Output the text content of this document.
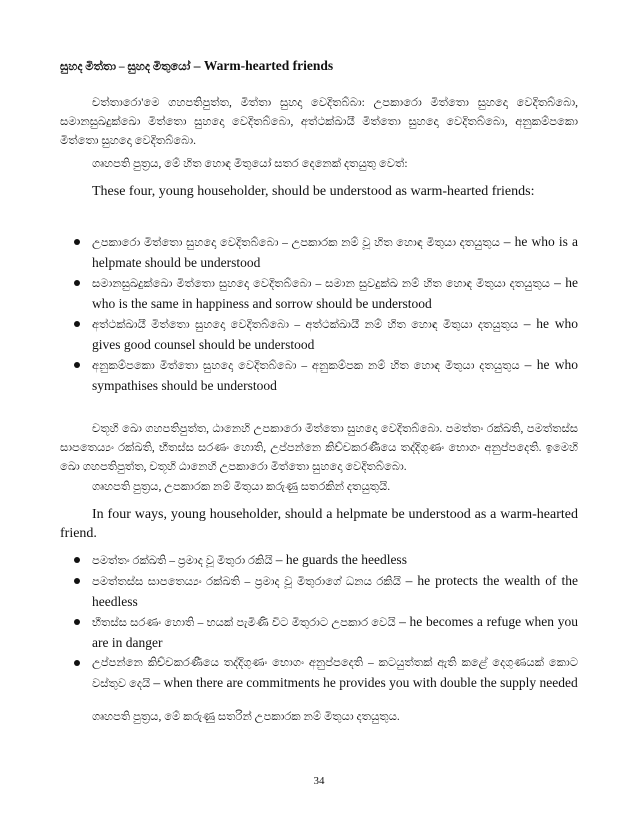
සුහද මිත්තා – සුහද මිතුයෝ – Warm-hearted friends
චත්තාරො'මෙ ගහපතිපුත්ත, මිත්තා සුහදා වෙදිතබ්බා: උපකාරො මිත්තො සුහදො වෙදිතබ්බො, සමානසුඛදුක්ඛො මිත්තො සුහදො වෙදිතබ්බො, අත්ථක්ඛායී මිත්තො සුහදො වෙදිතබ්බො, අනුකම්පකො මිත්තො සුහදො වෙදිතබ්බො.
ගෘහපති පුත්‍රය, මේ හිත හොඳ මිතුයෝ සතර දෙනෙක් දතයුතු වෙත්:
These four, young householder, should be understood as warm-hearted friends:
උපකාරො මිත්තො සුහදො වෙදිතබ්බො – උපකාරක නම් වූ හිත හොඳ මිතුයා දතයුතුය – he who is a helpmate should be understood
සමානසුඛදුක්ඛො මිත්තො සුහදො වෙදිතබ්බො – සමාන සුවදුක්ඛ නම් හිත හොඳ මිතුයා දතයුතුය – he who is the same in happiness and sorrow should be understood
අත්ථක්ඛායී මිත්තො සුහදො වෙදිතබ්බො – අත්ථක්ඛායී නම් හිත හොඳ මිතුයා දතයුතුය – he who gives good counsel should be understood
අනුකම්පකො මිත්තො සුහදො වෙදිතබ්බො – අනුකම්පක නම් හිත හොඳ මිතුයා දතයුතුය – he who sympathises should be understood
චතූහි ඛො ගහපතිපුත්ත, ඨානෙහි උපකාරො මිත්තො සුහදො වෙදිතබ්බො. පමත්තං රක්ඛති, පමත්තස්ස සාපතෙය්‍යං රක්ඛති, භීතස්ස සරණං හොති, උප්පන්නෙ කිච්චකරණීයෙ තද්දිගුණං භොගං අනුප්පදෙති. ඉමෙහි ඛො ගහපතිපුත්ත, චතූහි ඨානෙහි උපකාරො මිත්තො සුහදො වෙදිතබ්බො.
ගෘහපති පුත්‍රය, උපකාරක නම් මිතුයා කරුණු සතරකින් දතයුතුයි.
In four ways, young householder, should a helpmate be understood as a warm-hearted friend.
පමත්තං රක්ඛති – ප්‍රමාද වූ මිතුරා රකියි – he guards the heedless
පමත්තස්ස සාපතෙය්‍යං රක්ඛති – ප්‍රමාද වූ මිතුරාගේ ධනය රකියි – he protects the wealth of the heedless
භීතස්ස සරණං හොති – භයක් පැමිණි විට මිතුරාට උපකාර වෙයි – he becomes a refuge when you are in danger
උප්පන්නෙ කිච්චකරණීයෙ තද්දිගුණං භොගං අනුප්පදෙති – කටයුත්තක් ඇති කළේ දෙගුණයක් කොට වස්තුව දෙයි – when there are commitments he provides you with double the supply needed
ගෘහපති පුත්‍රය, මේ කරුණු සතරින් උපකාරක නම් මිතුයා දතයුතුය.
34
